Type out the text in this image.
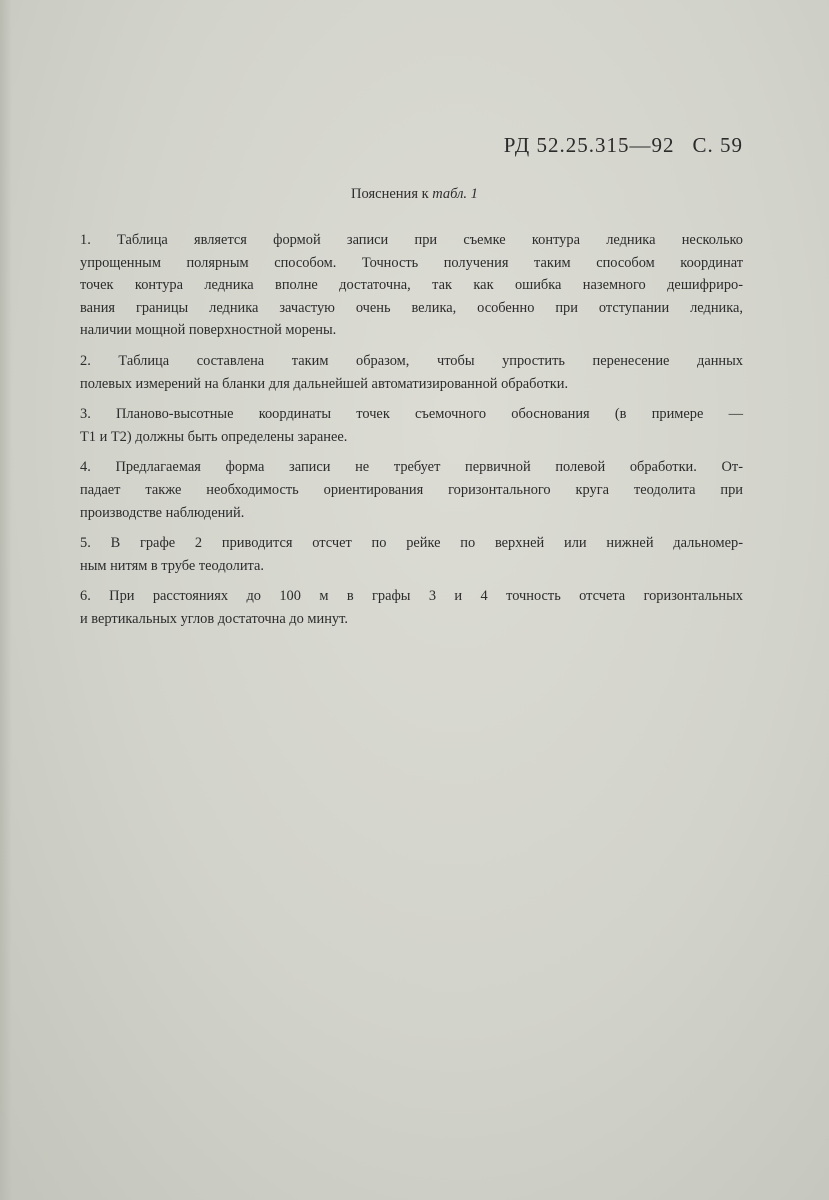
РД 52.25.315—92 С. 59
Пояснения к табл. 1
1. Таблица является формой записи при съемке контура ледника несколько
упрощенным полярным способом. Точность получения таким способом координат
точек контура ледника вполне достаточна, так как ошибка наземного дешифриро-
вания границы ледника зачастую очень велика, особенно при отступании ледника,
наличии мощной поверхностной морены.
2. Таблица составлена таким образом, чтобы упростить перенесение данных
полевых измерений на бланки для дальнейшей автоматизированной обработки.
3. Планово-высотные координаты точек съемочного обоснования (в примере —
T1 и T2) должны быть определены заранее.
4. Предлагаемая форма записи не требует первичной полевой обработки. От-
падает также необходимость ориентирования горизонтального круга теодолита при
производстве наблюдений.
5. В графе 2 приводится отсчет по рейке по верхней или нижней дальномер-
ным нитям в трубе теодолита.
6. При расстояниях до 100 м в графы 3 и 4 точность отсчета горизонтальных
и вертикальных углов достаточна до минут.
